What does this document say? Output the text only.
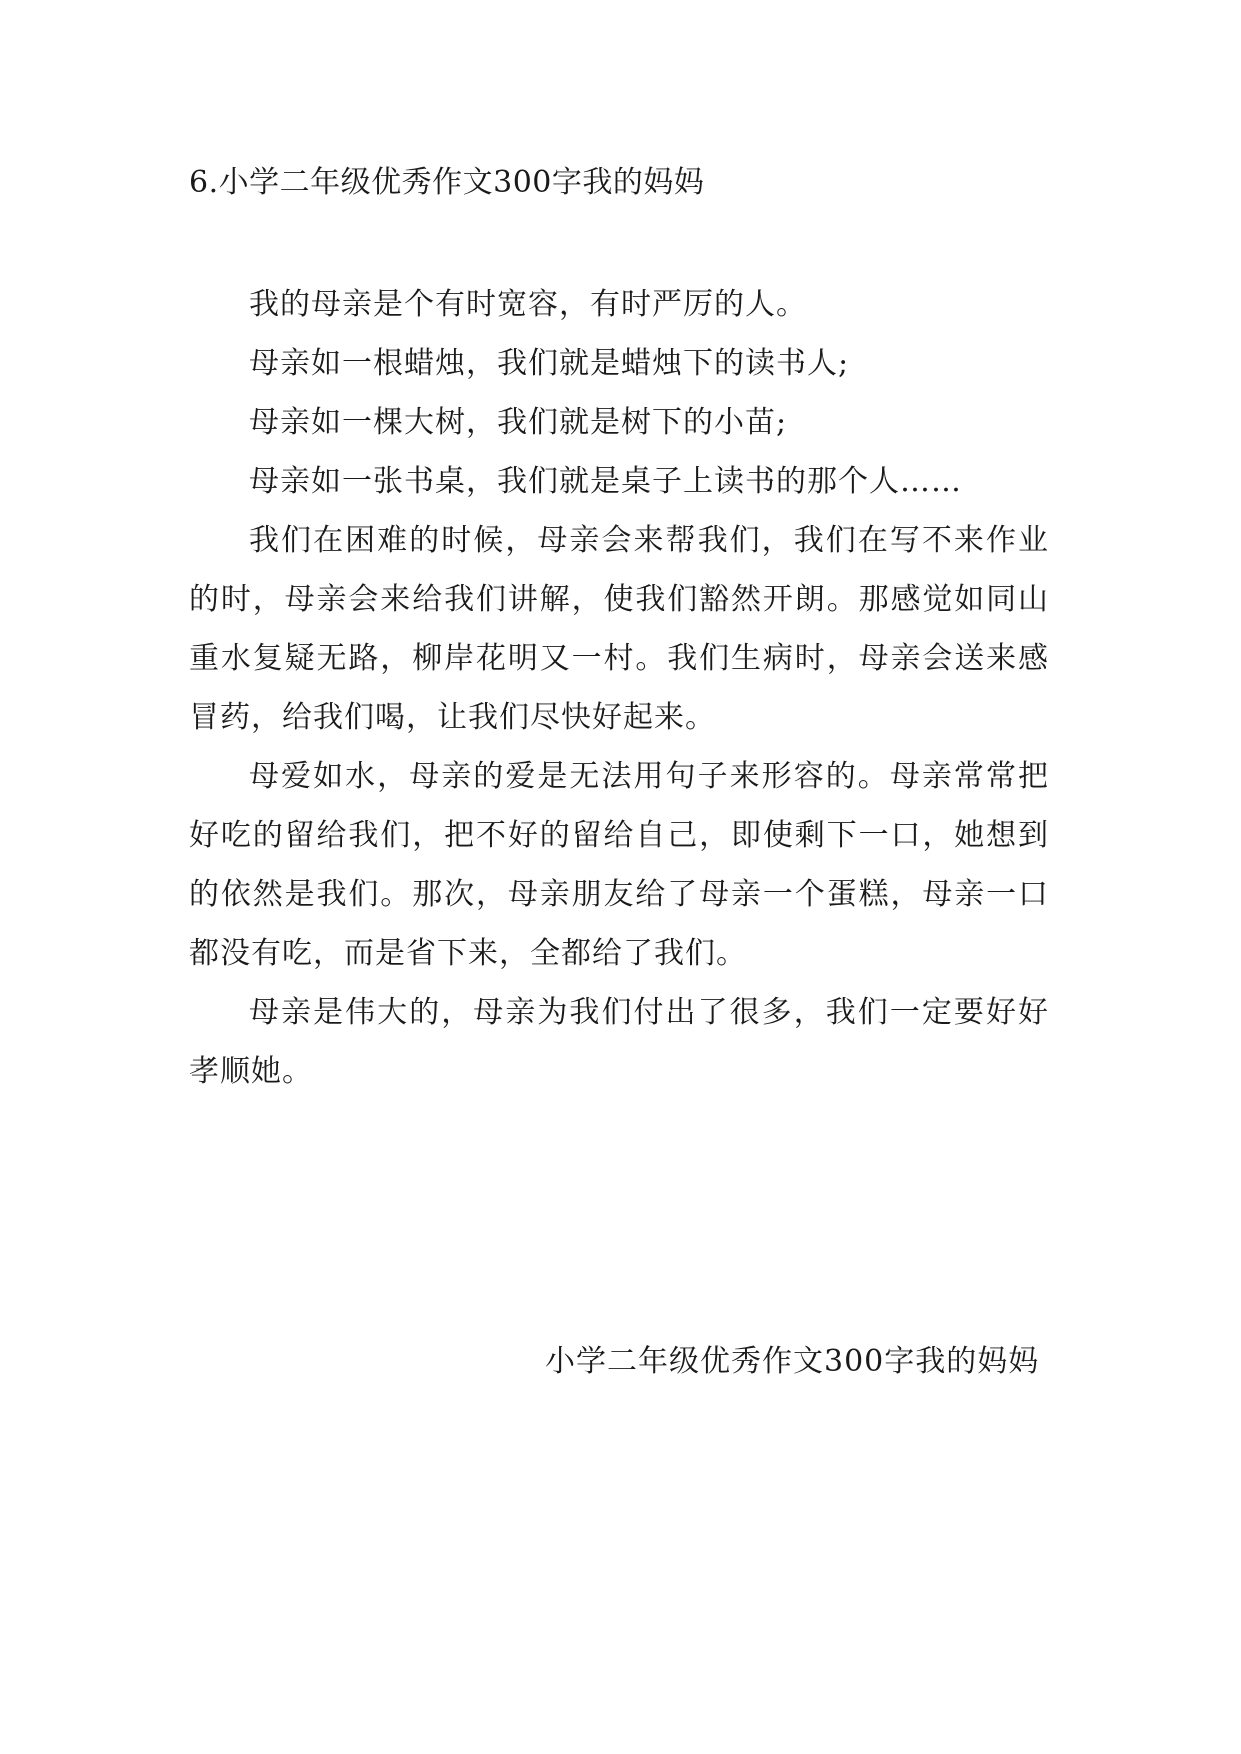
6.小学二年级优秀作文300字我的妈妈

我的母亲是个有时宽容，有时严厉的人。

母亲如一根蜡烛，我们就是蜡烛下的读书人;

母亲如一棵大树，我们就是树下的小苗;

母亲如一张书桌，我们就是桌子上读书的那个人……

我们在困难的时候，母亲会来帮我们，我们在写不来作业的时，母亲会来给我们讲解，使我们豁然开朗。那感觉如同山重水复疑无路，柳岸花明又一村。我们生病时，母亲会送来感冒药，给我们喝，让我们尽快好起来。

母爱如水，母亲的爱是无法用句子来形容的。母亲常常把好吃的留给我们，把不好的留给自己，即使剩下一口，她想到的依然是我们。那次，母亲朋友给了母亲一个蛋糕，母亲一口都没有吃，而是省下来，全都给了我们。

母亲是伟大的，母亲为我们付出了很多，我们一定要好好孝顺她。

小学二年级优秀作文300字我的妈妈
